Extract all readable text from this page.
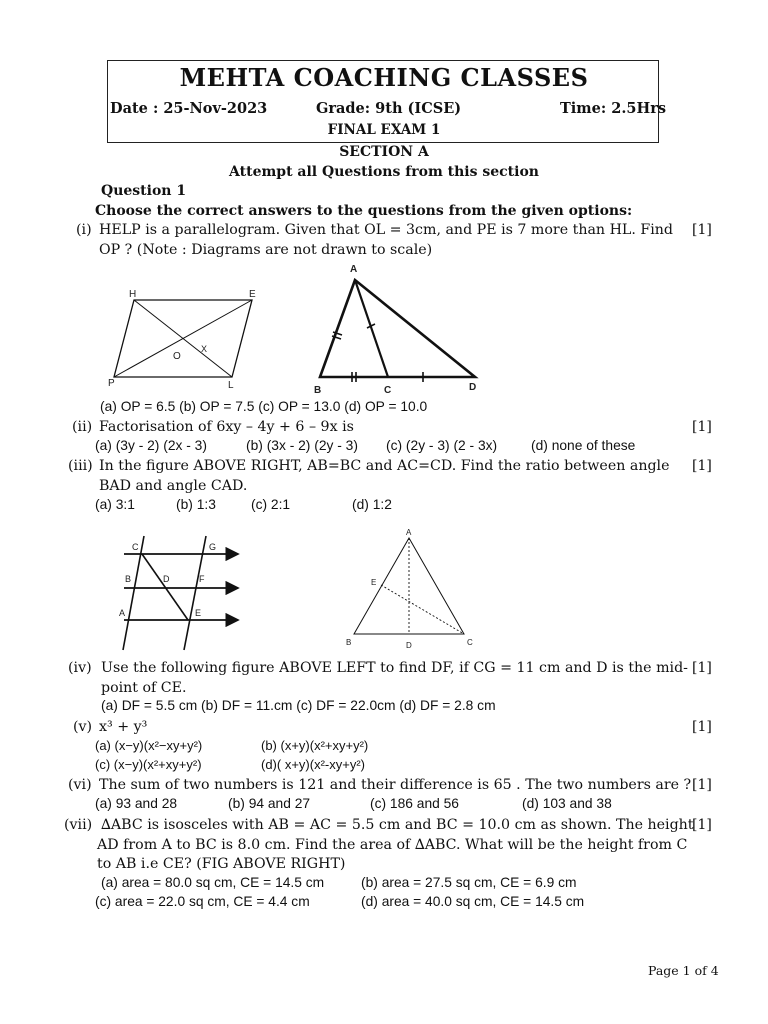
MEHTA COACHING CLASSES
Date : 25-Nov-2023	Grade: 9th (ICSE)	Time: 2.5Hrs
FINAL EXAM 1
SECTION A
Attempt all Questions from this section
Question 1
Choose the correct answers to the questions from the given options:
(i) HELP is a parallelogram. Given that OL = 3cm, and PE is 7 more than HL. Find
OP ? (Note : Diagrams are not drawn to scale)
[1]
H	E
P	L
O
X
A
B	C	D
(a) OP = 6.5 (b) OP = 7.5 (c) OP = 13.0 (d) OP = 10.0
(ii) Factorisation of 6xy – 4y + 6 – 9x is	[1]
(a) (3y - 2) (2x - 3)	(b) (3x - 2) (2y - 3) (c) (2y - 3) (2 - 3x) (d) none of these
(iii) In the figure ABOVE RIGHT, AB=BC and AC=CD. Find the ratio between angle
BAD and angle CAD.
[1]
(a) 3:1	(b) 1:3	(c) 2:1	(d) 1:2
C	G
B	D	F
A	E
A
E
B	D	C
(iv) Use the following figure ABOVE LEFT to find DF, if CG = 11 cm and D is the mid-
point of CE.
[1]
(a) DF = 5.5 cm (b) DF = 11.cm (c) DF = 22.0cm (d) DF = 2.8 cm
(v) x³ + y³	[1]
(a) (x−y)(x²−xy+y²)	(b) (x+y)(x²+xy+y²)
(c) (x−y)(x²+xy+y²)	(d)( x+y)(x²-xy+y²)
(vi) The sum of two numbers is 121 and their difference is 65 . The two numbers are ? [1]
(a) 93 and 28	(b) 94 and 27	(c) 186 and 56	(d) 103 and 38
(vii) ∆ABC is isosceles with AB = AC = 5.5 cm and BC = 10.0 cm as shown. The height
AD from A to BC is 8.0 cm. Find the area of ∆ABC. What will be the height from C
to AB i.e CE? (FIG ABOVE RIGHT)
[1]
(a) area = 80.0 sq cm, CE = 14.5 cm	(b) area = 27.5 sq cm, CE = 6.9 cm
(c) area = 22.0 sq cm, CE = 4.4 cm	(d) area = 40.0 sq cm, CE = 14.5 cm
Page 1 of 4
